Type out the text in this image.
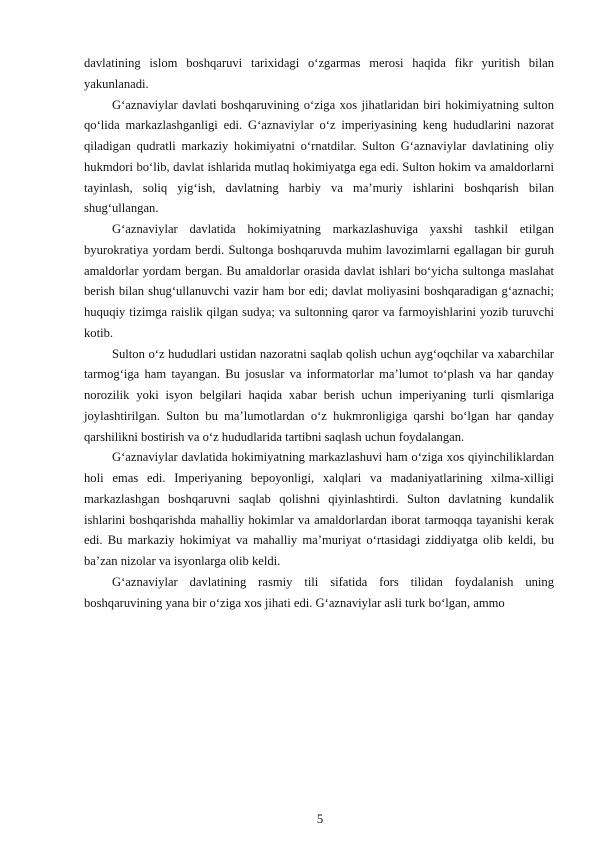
davlatining islom boshqaruvi tarixidagi oʻzgarmas merosi haqida fikr yuritish bilan yakunlanadi.

G‘aznaviylar davlati boshqaruvining oʻziga xos jihatlaridan biri hokimiyatning sulton qoʻlida markazlashganligi edi. G‘aznaviylar oʻz imperiyasining keng hududlarini nazorat qiladigan qudratli markaziy hokimiyatni oʻrnatdilar. Sulton G‘aznaviylar davlatining oliy hukmdori boʻlib, davlat ishlarida mutlaq hokimiyatga ega edi. Sulton hokim va amaldorlarni tayinlash, soliq yig‘ish, davlatning harbiy va ma’muriy ishlarini boshqarish bilan shug‘ullangan.

G‘aznaviylar davlatida hokimiyatning markazlashuviga yaxshi tashkil etilgan byurokratiya yordam berdi. Sultonga boshqaruvda muhim lavozimlarni egallagan bir guruh amaldorlar yordam bergan. Bu amaldorlar orasida davlat ishlari boʻyicha sultonga maslahat berish bilan shug‘ullanuvchi vazir ham bor edi; davlat moliyasini boshqaradigan g‘aznachi; huquqiy tizimga raislik qilgan sudya; va sultonning qaror va farmoyishlarini yozib turuvchi kotib.

Sulton oʻz hududlari ustidan nazoratni saqlab qolish uchun ayg‘oqchilar va xabarchilar tarmog‘iga ham tayangan. Bu josuslar va informatorlar ma’lumot toʻplash va har qanday norozilik yoki isyon belgilari haqida xabar berish uchun imperiyaning turli qismlariga joylashtirilgan. Sulton bu ma’lumotlardan oʻz hukmronligiga qarshi boʻlgan har qanday qarshilikni bostirish va oʻz hududlarida tartibni saqlash uchun foydalangan.

G‘aznaviylar davlatida hokimiyatning markazlashuvi ham oʻziga xos qiyinchiliklardan holi emas edi. Imperiyaning bepoyonligi, xalqlari va madaniyatlarining xilma-xilligi markazlashgan boshqaruvni saqlab qolishni qiyinlashtirdi. Sulton davlatning kundalik ishlarini boshqarishda mahalliy hokimlar va amaldorlardan iborat tarmoqqa tayanishi kerak edi. Bu markaziy hokimiyat va mahalliy ma’muriyat oʻrtasidagi ziddiyatga olib keldi, bu ba’zan nizolar va isyonlarga olib keldi.

G‘aznaviylar davlatining rasmiy tili sifatida fors tilidan foydalanish uning boshqaruvining yana bir oʻziga xos jihati edi. G‘aznaviylar asli turk boʻlgan, ammo

5
